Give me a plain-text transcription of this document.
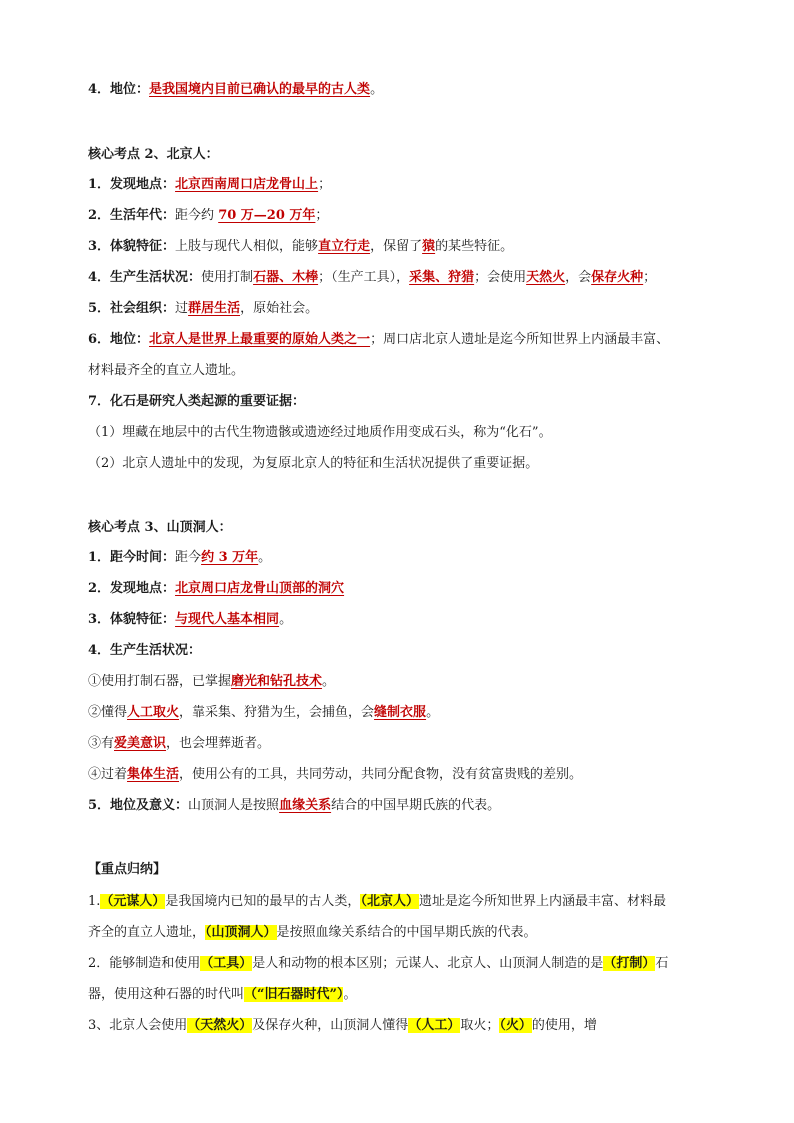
4．地位：是我国境内目前已确认的最早的古人类。
核心考点 2、北京人：
1．发现地点：北京西南周口店龙骨山上；
2．生活年代：距今约 70 万—20 万年；
3．体貌特征：上肢与现代人相似，能够直立行走，保留了猿的某些特征。
4．生产生活状况：使用打制石器、木棒；（生产工具），采集、狩猎；会使用天然火，会保存火种；
5．社会组织：过群居生活，原始社会。
6．地位：北京人是世界上最重要的原始人类之一；周口店北京人遗址是迄今所知世界上内涵最丰富、
材料最齐全的直立人遗址。
7．化石是研究人类起源的重要证据：
（1）埋藏在地层中的古代生物遗骸或遗迹经过地质作用变成石头，称为“化石”。
（2）北京人遗址中的发现，为复原北京人的特征和生活状况提供了重要证据。
核心考点 3、山顶洞人：
1．距今时间：距今约 3 万年。
2．发现地点：北京周口店龙骨山顶部的洞穴
3．体貌特征：与现代人基本相同。
4．生产生活状况：
①使用打制石器，已掌握磨光和钻孔技术。
②懂得人工取火，靠采集、狩猎为生，会捕鱼，会缝制衣服。
③有爱美意识，也会埋葬逝者。
④过着集体生活，使用公有的工具，共同劳动，共同分配食物，没有贫富贵贱的差别。
5．地位及意义：山顶洞人是按照血缘关系结合的中国早期氏族的代表。
【重点归纳】
1.（元谋人）是我国境内已知的最早的古人类，（北京人）遗址是迄今所知世界上内涵最丰富、材料最
齐全的直立人遗址，（山顶洞人）是按照血缘关系结合的中国早期氏族的代表。
2．能够制造和使用（工具）是人和动物的根本区别；元谋人、北京人、山顶洞人制造的是（打制）石
器，使用这种石器的时代叫（“旧石器时代”）。
3、北京人会使用（天然火）及保存火种，山顶洞人懂得（人工）取火；（火）的使用，增
